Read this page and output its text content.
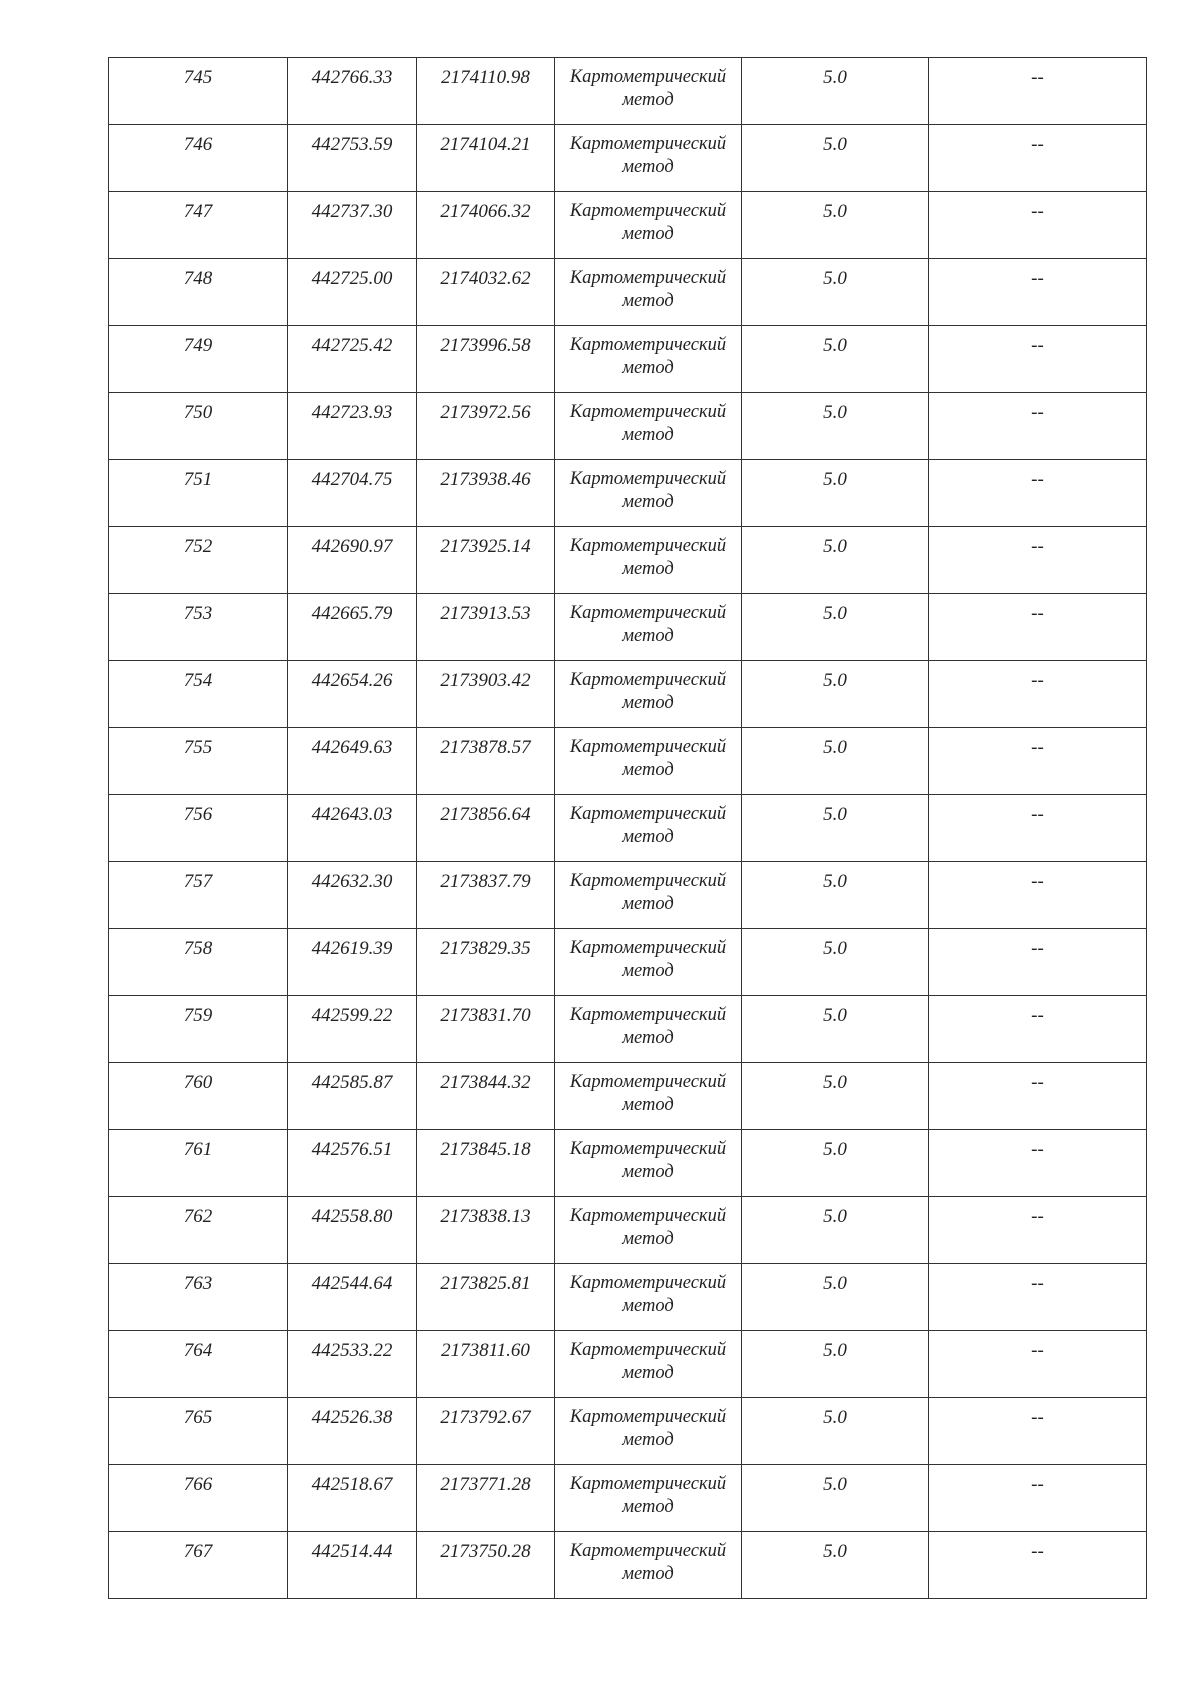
745	442766.33	2174110.98	Картометрический метод	5.0	--

746	442753.59	2174104.21	Картометрический метод	5.0	--

747	442737.30	2174066.32	Картометрический метод	5.0	--

748	442725.00	2174032.62	Картометрический метод	5.0	--

749	442725.42	2173996.58	Картометрический метод	5.0	--

750	442723.93	2173972.56	Картометрический метод	5.0	--

751	442704.75	2173938.46	Картометрический метод	5.0	--

752	442690.97	2173925.14	Картометрический метод	5.0	--

753	442665.79	2173913.53	Картометрический метод	5.0	--

754	442654.26	2173903.42	Картометрический метод	5.0	--

755	442649.63	2173878.57	Картометрический метод	5.0	--

756	442643.03	2173856.64	Картометрический метод	5.0	--

757	442632.30	2173837.79	Картометрический метод	5.0	--

758	442619.39	2173829.35	Картометрический метод	5.0	--

759	442599.22	2173831.70	Картометрический метод	5.0	--

760	442585.87	2173844.32	Картометрический метод	5.0	--

761	442576.51	2173845.18	Картометрический метод	5.0	--

762	442558.80	2173838.13	Картометрический метод	5.0	--

763	442544.64	2173825.81	Картометрический метод	5.0	--

764	442533.22	2173811.60	Картометрический метод	5.0	--

765	442526.38	2173792.67	Картометрический метод	5.0	--

766	442518.67	2173771.28	Картометрический метод	5.0	--

767	442514.44	2173750.28	Картометрический метод	5.0	--
